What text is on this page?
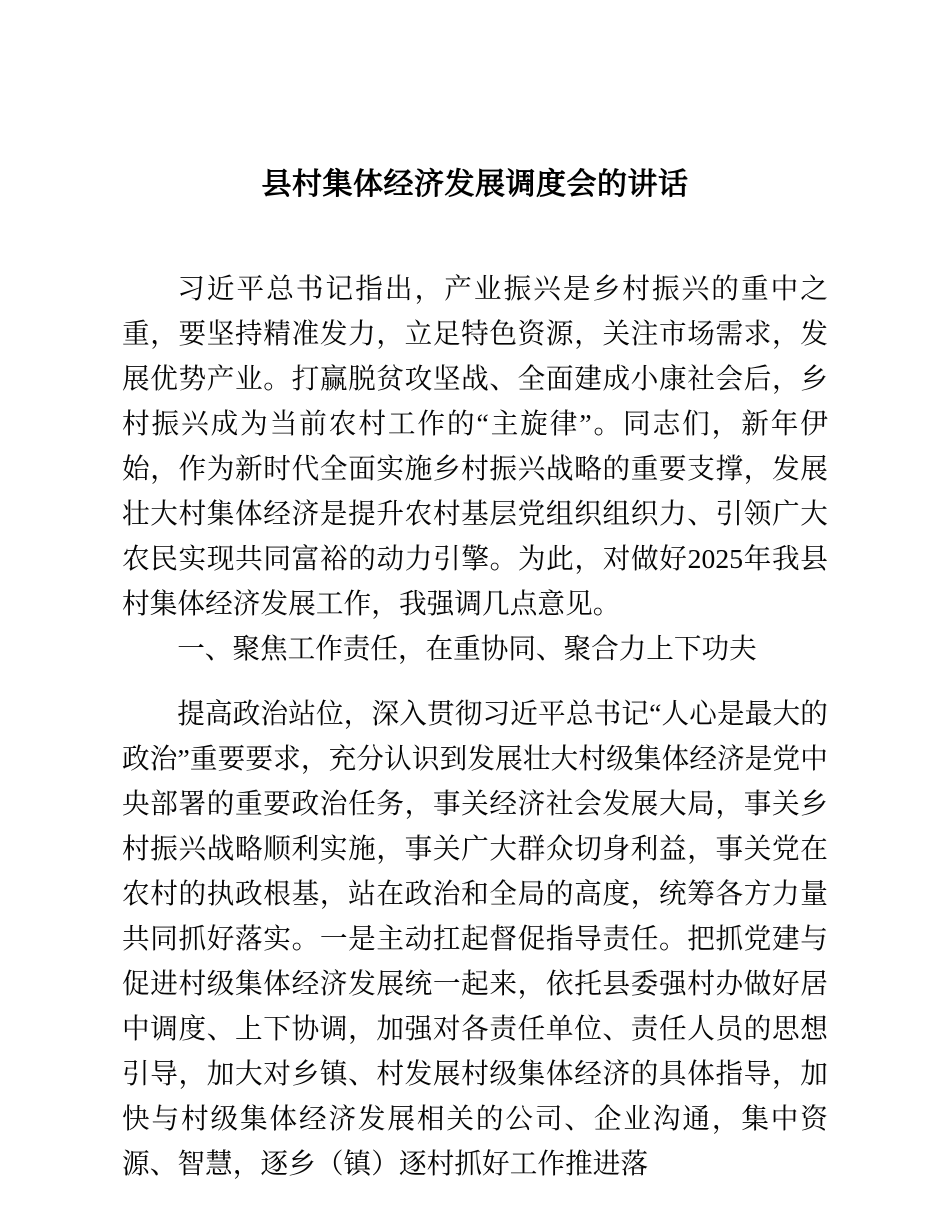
县村集体经济发展调度会的讲话

习近平总书记指出，产业振兴是乡村振兴的重中之重，要坚持精准发力，立足特色资源，关注市场需求，发展优势产业。打赢脱贫攻坚战、全面建成小康社会后，乡村振兴成为当前农村工作的“主旋律”。同志们，新年伊始，作为新时代全面实施乡村振兴战略的重要支撑，发展壮大村集体经济是提升农村基层党组织组织力、引领广大农民实现共同富裕的动力引擎。为此，对做好2025年我县村集体经济发展工作，我强调几点意见。

一、聚焦工作责任，在重协同、聚合力上下功夫

提高政治站位，深入贯彻习近平总书记“人心是最大的政治”重要要求，充分认识到发展壮大村级集体经济是党中央部署的重要政治任务，事关经济社会发展大局，事关乡村振兴战略顺利实施，事关广大群众切身利益，事关党在农村的执政根基，站在政治和全局的高度，统筹各方力量共同抓好落实。一是主动扛起督促指导责任。把抓党建与促进村级集体经济发展统一起来，依托县委强村办做好居中调度、上下协调，加强对各责任单位、责任人员的思想引导，加大对乡镇、村发展村级集体经济的具体指导，加快与村级集体经济发展相关的公司、企业沟通，集中资源、智慧，逐乡（镇）逐村抓好工作推进落
